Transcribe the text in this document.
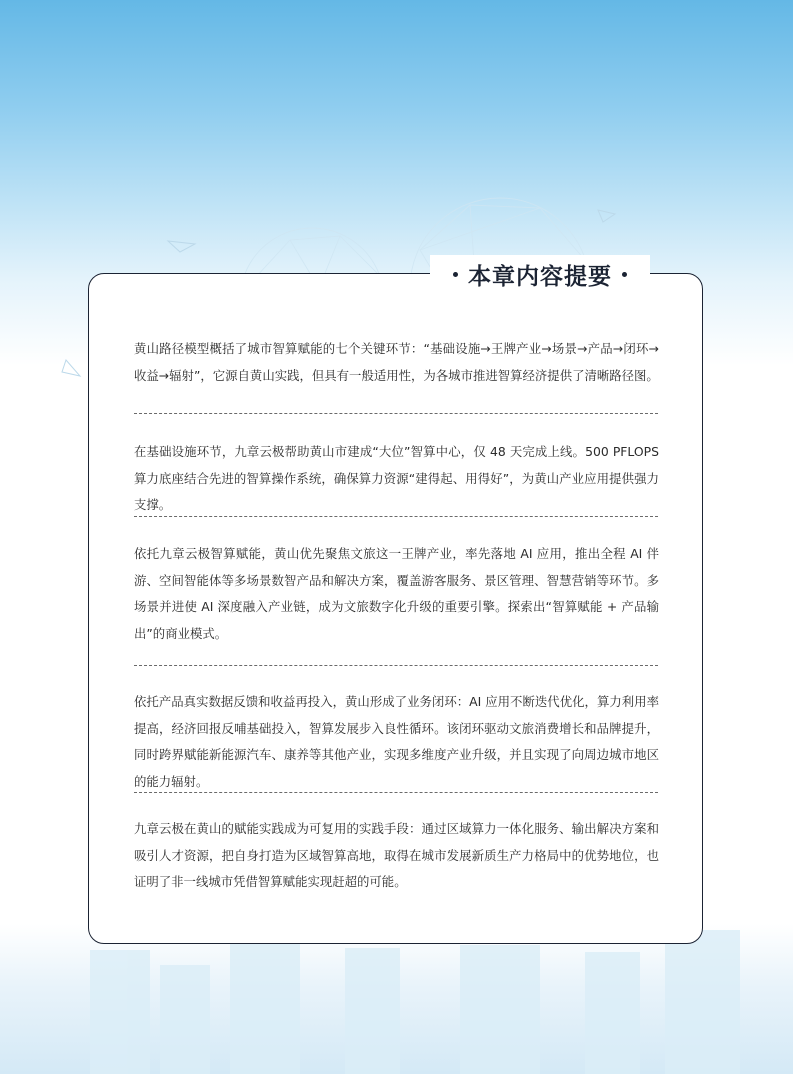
本章内容提要

黄山路径模型概括了城市智算赋能的七个关键环节：“基础设施→王牌产业→场景→产品→闭环→收益→辐射”，它源自黄山实践，但具有一般适用性，为各城市推进智算经济提供了清晰路径图。

在基础设施环节，九章云极帮助黄山市建成“大位”智算中心，仅 48 天完成上线。500 PFLOPS 算力底座结合先进的智算操作系统，确保算力资源“建得起、用得好”，为黄山产业应用提供强力支撑。

依托九章云极智算赋能，黄山优先聚焦文旅这一王牌产业，率先落地 AI 应用，推出全程 AI 伴游、空间智能体等多场景数智产品和解决方案，覆盖游客服务、景区管理、智慧营销等环节。多场景并进使 AI 深度融入产业链，成为文旅数字化升级的重要引擎。探索出“智算赋能 + 产品输出”的商业模式。

依托产品真实数据反馈和收益再投入，黄山形成了业务闭环：AI 应用不断迭代优化，算力利用率提高，经济回报反哺基础投入，智算发展步入良性循环。该闭环驱动文旅消费增长和品牌提升，同时跨界赋能新能源汽车、康养等其他产业，实现多维度产业升级，并且实现了向周边城市地区的能力辐射。

九章云极在黄山的赋能实践成为可复用的实践手段：通过区域算力一体化服务、输出解决方案和吸引人才资源，把自身打造为区域智算高地，取得在城市发展新质生产力格局中的优势地位，也证明了非一线城市凭借智算赋能实现赶超的可能。
